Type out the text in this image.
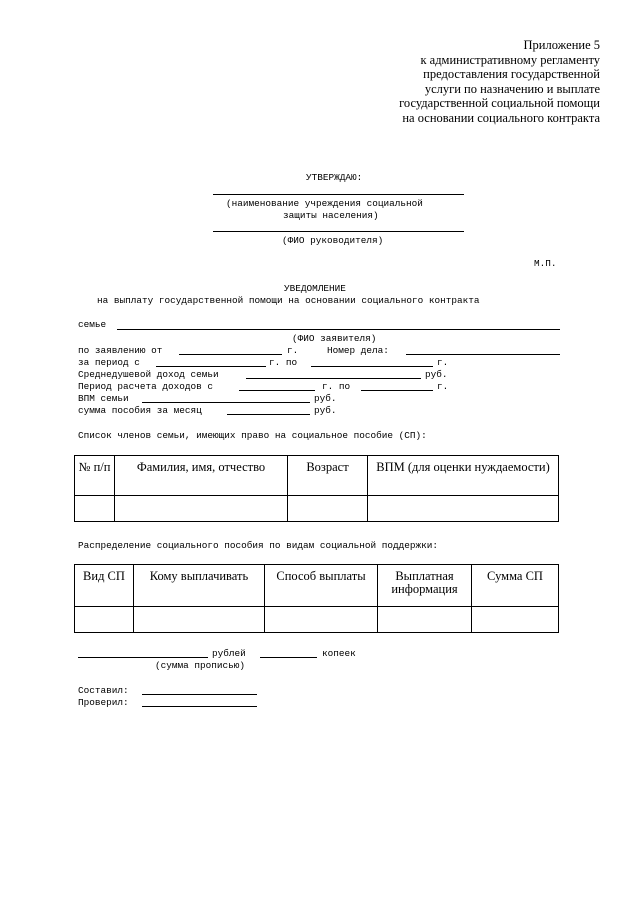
Приложение 5
к административному регламенту
предоставления государственной
услуги по назначению и выплате
государственной социальной помощи
на основании социального контракта
УТВЕРЖДАЮ:
(наименование учреждения социальной
защиты населения)
(ФИО руководителя)
М.П.
УВЕДОМЛЕНИЕ
на выплату государственной помощи на основании социального контракта
семье
(ФИО заявителя)
по заявлению от	г.	Номер дела:
за период с	г. по	г.
Среднедушевой доход семьи	руб.
Период расчета доходов с	г. по	г.
ВПМ семьи	руб.
сумма пособия за месяц	руб.
Список членов семьи, имеющих право на социальное пособие (СП):
№ п/п	Фамилия, имя, отчество	Возраст	ВПМ (для оценки нуждаемости)

Распределение социального пособия по видам социальной поддержки:
Вид СП	Кому выплачивать	Способ выплаты	Выплатная информация	Сумма СП

рублей	копеек
(сумма прописью)
Составил:
Проверил:
